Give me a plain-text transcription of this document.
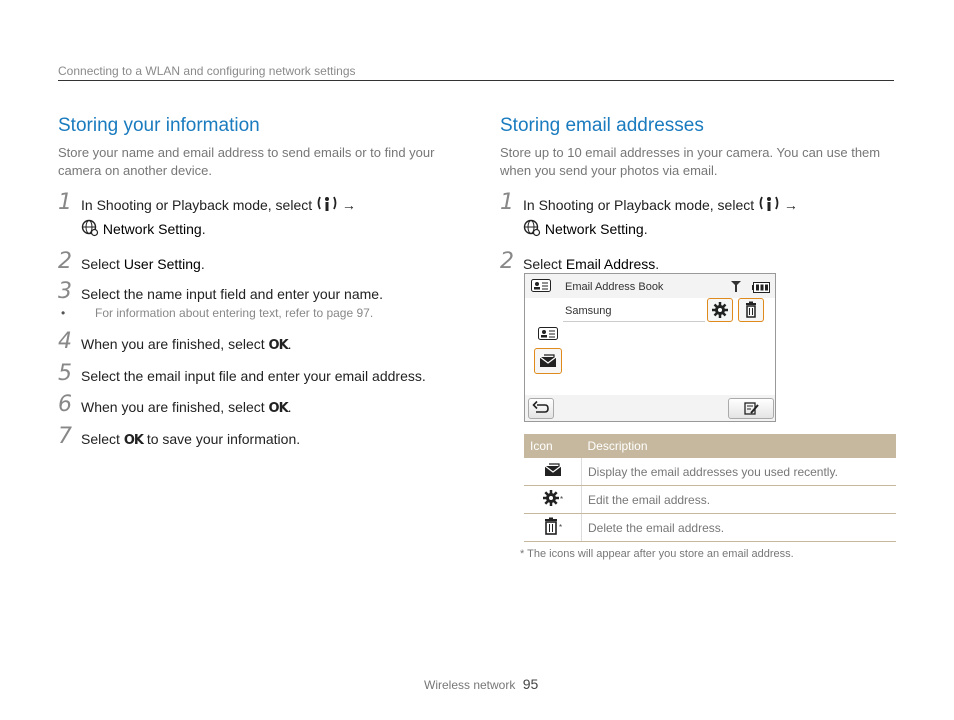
Connecting to a WLAN and configuring network settings
Storing your information

Store your name and email address to send emails or to find your camera on another device.

1 In Shooting or Playback mode, select →
Network Setting.
2 Select User Setting.
3 Select the name input field and enter your name.
• For information about entering text, refer to page 97.
4 When you are finished, select OK.
5 Select the email input file and enter your email address.
6 When you are finished, select OK.
7 Select OK to save your information.
Storing email addresses

Store up to 10 email addresses in your camera. You can use them when you send your photos via email.

1 In Shooting or Playback mode, select →
Network Setting.
2 Select Email Address.
Email Address Book
Samsung
Icon	Description
	Display the email addresses you used recently.
*	Edit the email address.
*	Delete the email address.
* The icons will appear after you store an email address.
Wireless network 95
